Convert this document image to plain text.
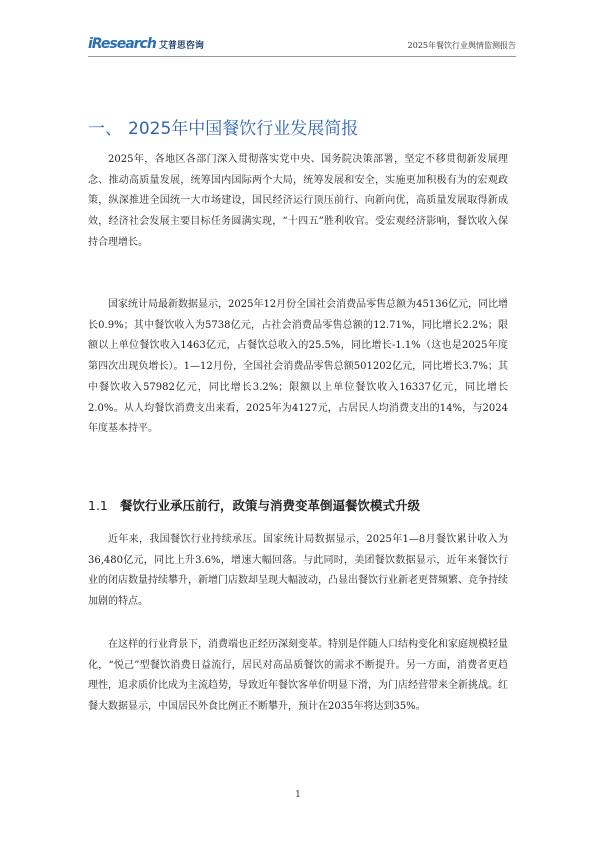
iResearch 艾普思咨询	2025年餐饮行业舆情监测报告
一、 2025年中国餐饮行业发展简报

2025年，各地区各部门深入贯彻落实党中央、国务院决策部署，坚定不移贯彻新发展理念、推动高质量发展，统筹国内国际两个大局，统筹发展和安全，实施更加积极有为的宏观政策，纵深推进全国统一大市场建设，国民经济运行顶压前行、向新向优，高质量发展取得新成效，经济社会发展主要目标任务圆满实现，“十四五”胜利收官。受宏观经济影响，餐饮收入保持合理增长。

国家统计局最新数据显示，2025年12月份全国社会消费品零售总额为45136亿元，同比增长0.9%；其中餐饮收入为5738亿元，占社会消费品零售总额的12.71%，同比增长2.2%；限额以上单位餐饮收入1463亿元，占餐饮总收入的25.5%，同比增长-1.1%（这也是2025年度第四次出现负增长）。1—12月份，全国社会消费品零售总额501202亿元，同比增长3.7%；其中餐饮收入57982亿元，同比增长3.2%；限额以上单位餐饮收入16337亿元，同比增长2.0%。从人均餐饮消费支出来看，2025年为4127元，占居民人均消费支出的14%，与2024年度基本持平。

1.1 餐饮行业承压前行，政策与消费变革倒逼餐饮模式升级

近年来，我国餐饮行业持续承压。国家统计局数据显示，2025年1—8月餐饮累计收入为36,480亿元，同比上升3.6%，增速大幅回落。与此同时，美团餐饮数据显示，近年来餐饮行业的闭店数量持续攀升，新增门店数却呈现大幅波动，凸显出餐饮行业新老更替频繁、竞争持续加剧的特点。

在这样的行业背景下，消费端也正经历深刻变革。特别是伴随人口结构变化和家庭规模轻量化，“悦己”型餐饮消费日益流行，居民对高品质餐饮的需求不断提升。另一方面，消费者更趋理性，追求质价比成为主流趋势，导致近年餐饮客单价明显下滑，为门店经营带来全新挑战。红餐大数据显示，中国居民外食比例正不断攀升，预计在2035年将达到35%。

1
